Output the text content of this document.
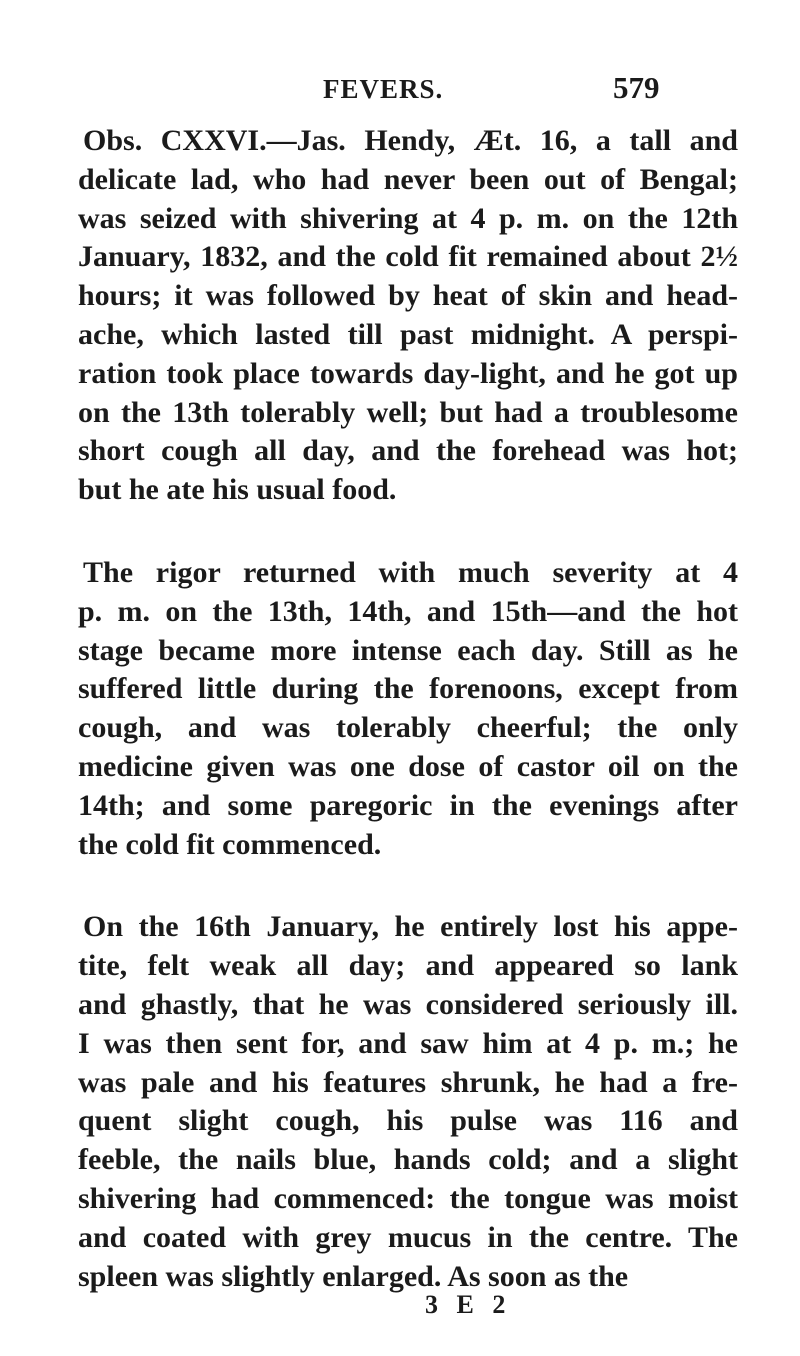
FEVERS.	579
Obs. CXXVI.—Jas. Hendy, Æt. 16, a tall and
delicate lad, who had never been out of Bengal;
was seized with shivering at 4 p. m. on the 12th
January, 1832, and the cold fit remained about 2½
hours; it was followed by heat of skin and head-
ache, which lasted till past midnight. A perspi-
ration took place towards day-light, and he got up
on the 13th tolerably well; but had a troublesome
short cough all day, and the forehead was hot;
but he ate his usual food.
The rigor returned with much severity at 4
p. m. on the 13th, 14th, and 15th—and the hot
stage became more intense each day. Still as he
suffered little during the forenoons, except from
cough, and was tolerably cheerful; the only
medicine given was one dose of castor oil on the
14th; and some paregoric in the evenings after
the cold fit commenced.
On the 16th January, he entirely lost his appe-
tite, felt weak all day; and appeared so lank
and ghastly, that he was considered seriously ill.
I was then sent for, and saw him at 4 p. m.; he
was pale and his features shrunk, he had a fre-
quent slight cough, his pulse was 116 and
feeble, the nails blue, hands cold; and a slight
shivering had commenced: the tongue was moist
and coated with grey mucus in the centre. The
spleen was slightly enlarged. As soon as the
3 E 2
